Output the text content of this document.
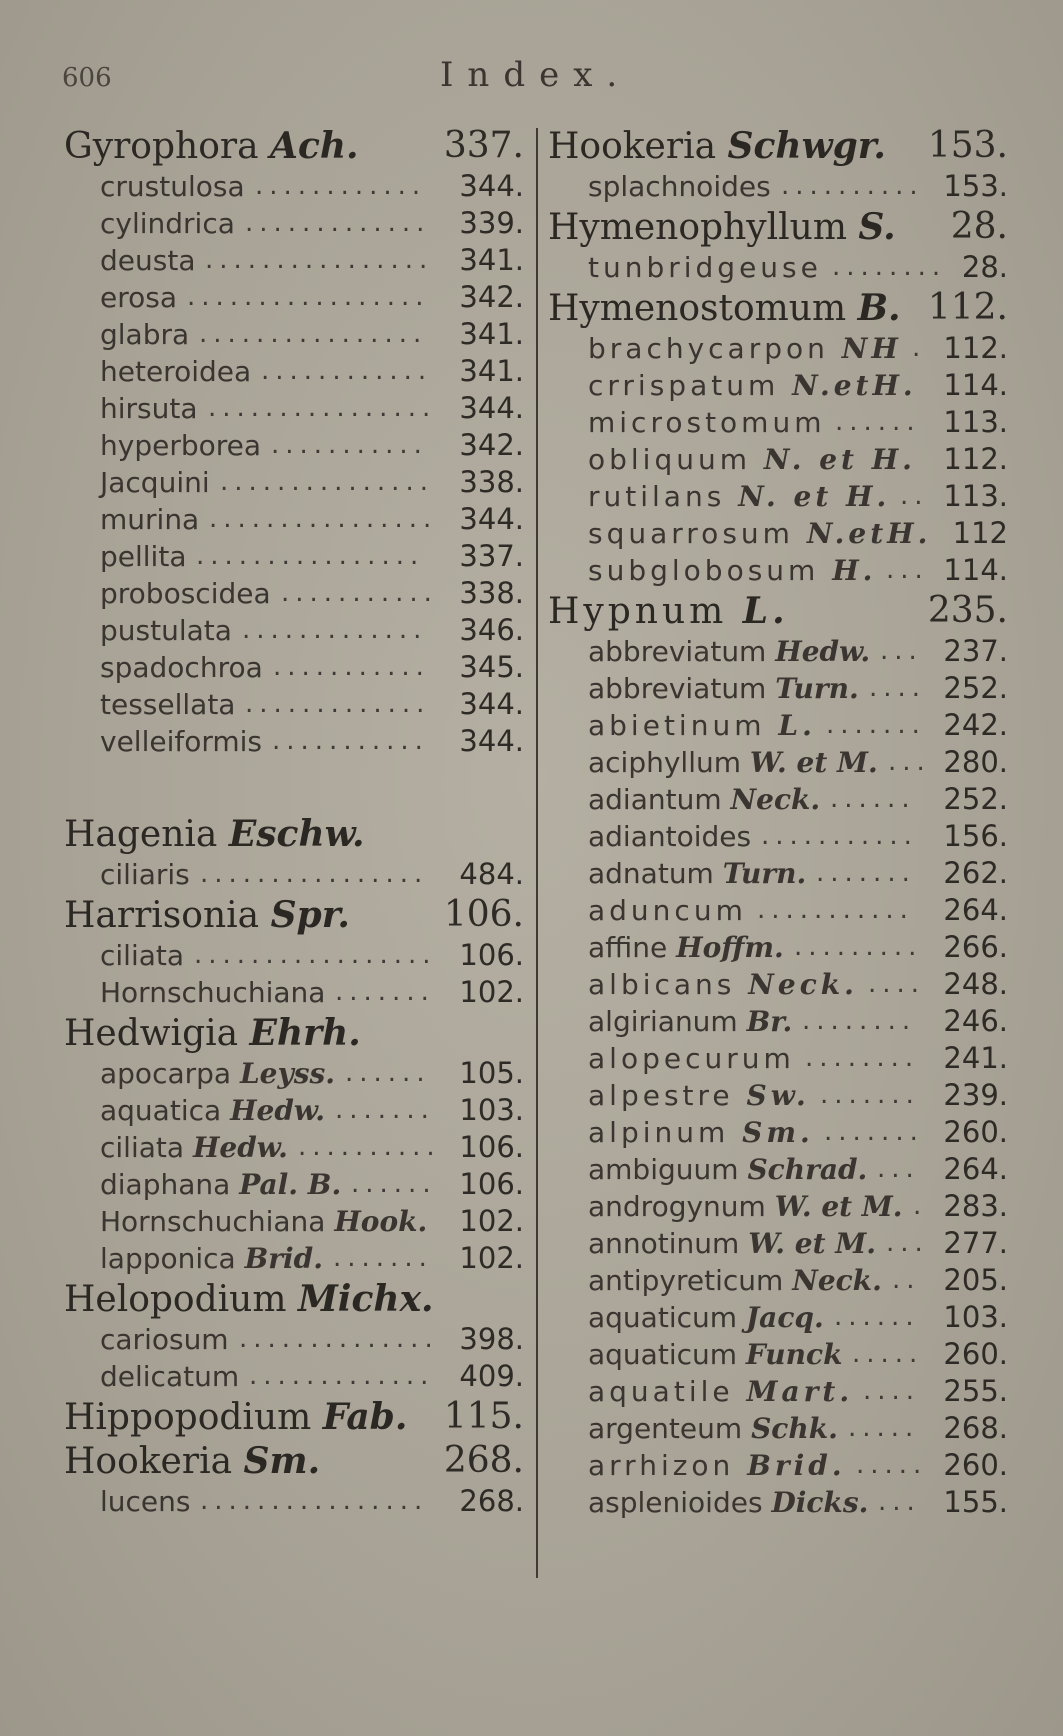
606	Index.
Gyrophora Ach. 337.
crustulosa ............	344.
cylindrica ............. 339.
deusta ................ 341.
erosa .................	342.
glabra ................	341.
heteroidea ............ 341.
hirsuta ................ 344.
hyperborea ...........	342.
Jacquini ............... 338.
murina ................ 344.
pellita ................	337.
proboscidea ........... 338.
pustulata .............	346.
spadochroa ...........	345.
tessellata ............. 344.
velleiformis ...........	344.
Hagenia Eschw.
ciliaris ................	484.
Harrisonia Spr.	106.
ciliata ................. 106.
Hornschuchiana ....... 102.
Hedwigia Ehrh.
apocarpa Leyss. ...... 105.
aquatica Hedw. ....... 103.
ciliata Hedw. .......... 106.
diaphana Pal. B. ...... 106.
Hornschuchiana Hook. 102.
lapponica Brid. ....... 102.
Helopodium Michx.
cariosum .............. 398.
delicatum ............. 409.
Hippopodium Fab. 115.
Hookeria Sm.	268.
lucens ................	268.
Hookeria Schwgr. 153.
splachnoides .......... 153.
Hymenophyllum S. 28.
tunbridgeuse ........ 28.
Hymenostomum B. 112.
brachycarpon NH . 112.
crrispatum N.etH. 114.
microstomum ...... 113.
obliquum N. et H. 112.
rutilans N. et H. .. 113.
squarrosum N.etH. 112
subglobosum H. ... 114.
Hypnum L.	235.
abbreviatum Hedw. ... 237.
abbreviatum Turn. .... 252.
abietinum L. ....... 242.
aciphyllum W. et M. ... 280.
adiantum Neck. ...... 252.
adiantoides ........... 156.
adnatum Turn. ....... 262.
aduncum ...........	264.
affine Hoffm. ......... 266.
albicans Neck. .... 248.
algirianum Br. ........ 246.
alopecurum ........ 241.
alpestre Sw. ....... 239.
alpinum Sm. ....... 260.
ambiguum Schrad. ... 264.
androgynum W. et M. . 283.
annotinum W. et M. ... 277.
antipyreticum Neck. .. 205.
aquaticum Jacq. ...... 103.
aquaticum Funck ..... 260.
aquatile Mart. .... 255.
argenteum Schk. ..... 268.
arrhizon Brid. ..... 260.
asplenioides Dicks. ... 155.
